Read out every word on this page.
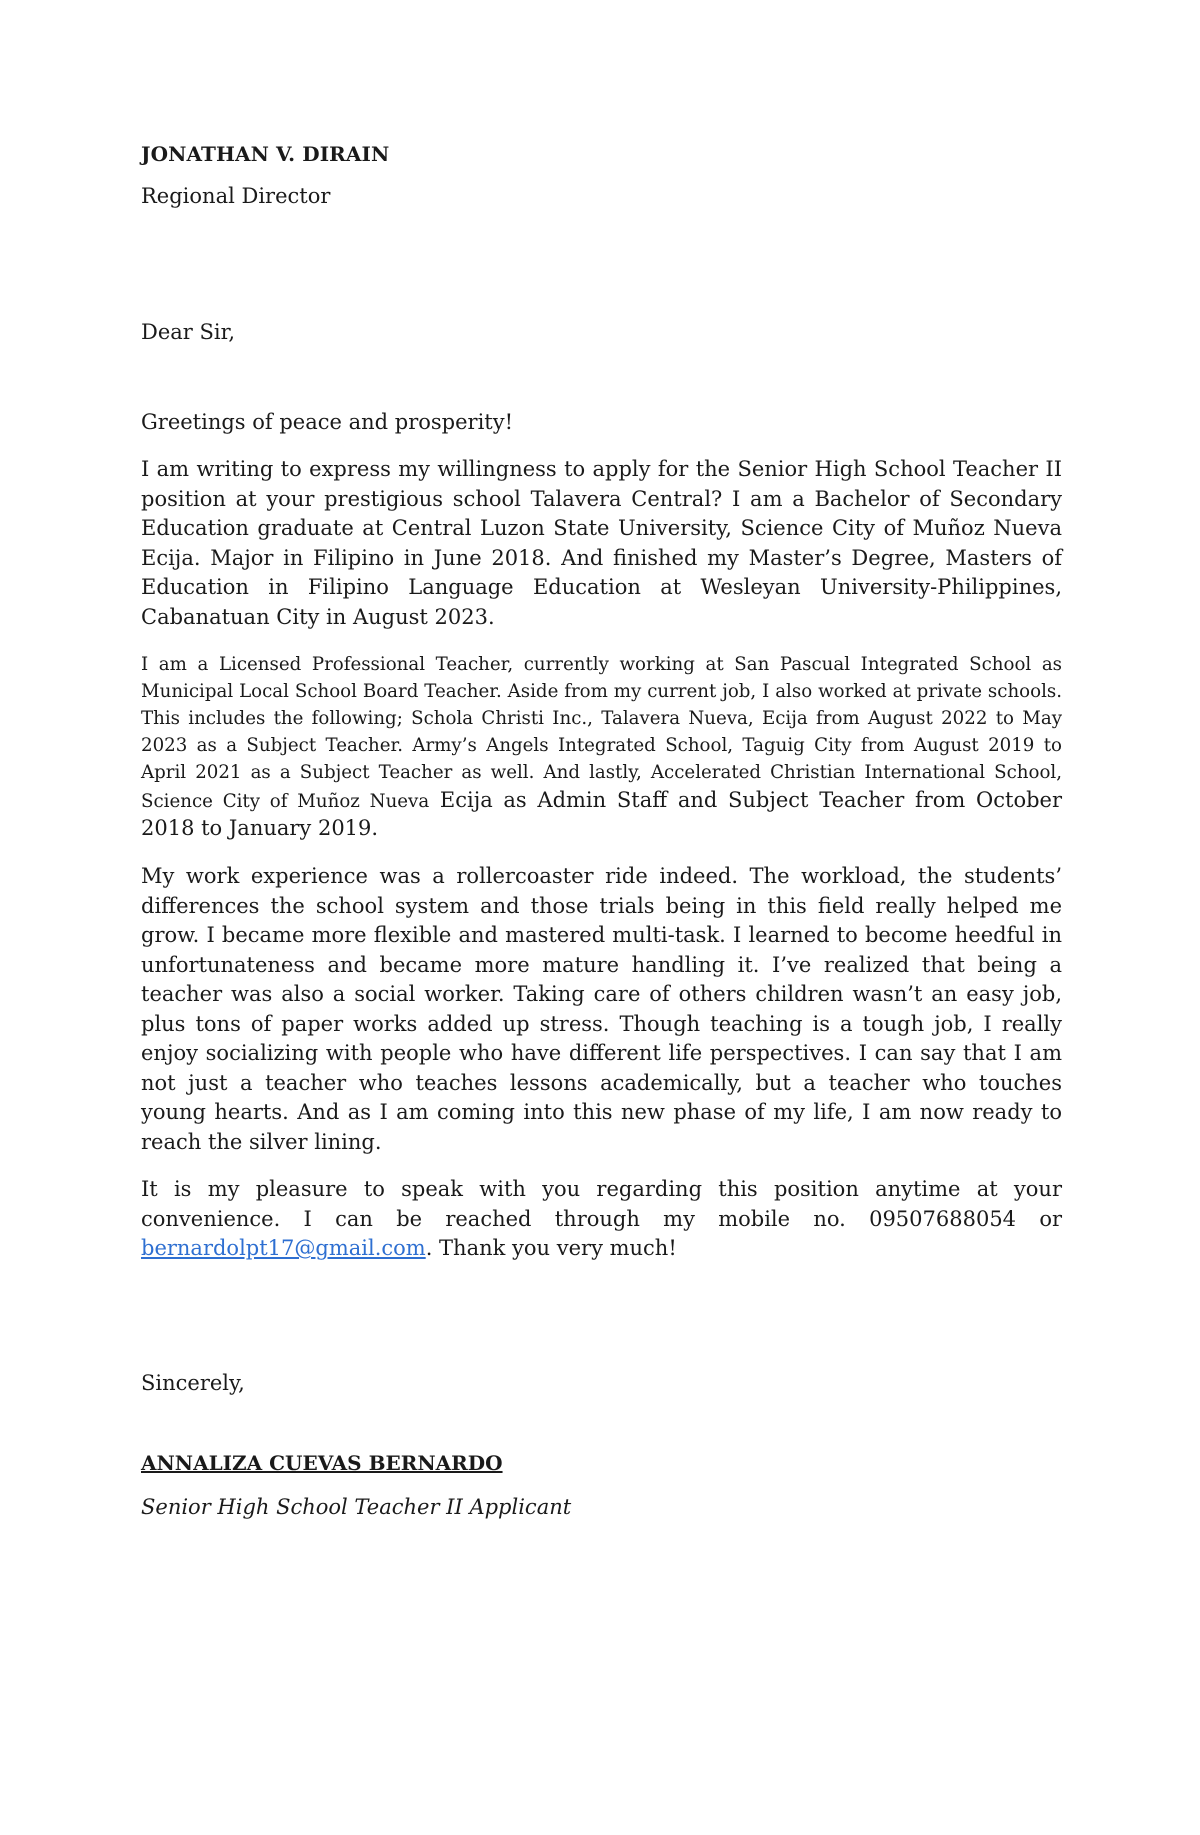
JONATHAN V. DIRAIN

Regional Director

Dear Sir,

Greetings of peace and prosperity!

I am writing to express my willingness to apply for the Senior High School Teacher II position at your prestigious school Talavera Central? I am a Bachelor of Secondary Education graduate at Central Luzon State University, Science City of Muñoz Nueva Ecija. Major in Filipino in June 2018. And finished my Master’s Degree, Masters of Education in Filipino Language Education at Wesleyan University-Philippines, Cabanatuan City in August 2023.

I am a Licensed Professional Teacher, currently working at San Pascual Integrated School as Municipal Local School Board Teacher. Aside from my current job, I also worked at private schools. This includes the following; Schola Christi Inc., Talavera Nueva, Ecija from August 2022 to May 2023 as a Subject Teacher. Army’s Angels Integrated School, Taguig City from August 2019 to April 2021 as a Subject Teacher as well. And lastly, Accelerated Christian International School, Science City of Muñoz Nueva Ecija as Admin Staff and Subject Teacher from October 2018 to January 2019.

My work experience was a rollercoaster ride indeed. The workload, the students’ differences the school system and those trials being in this field really helped me grow. I became more flexible and mastered multi-task. I learned to become heedful in unfortunateness and became more mature handling it. I’ve realized that being a teacher was also a social worker. Taking care of others children wasn’t an easy job, plus tons of paper works added up stress. Though teaching is a tough job, I really enjoy socializing with people who have different life perspectives. I can say that I am not just a teacher who teaches lessons academically, but a teacher who touches young hearts. And as I am coming into this new phase of my life, I am now ready to reach the silver lining.

It is my pleasure to speak with you regarding this position anytime at your convenience. I can be reached through my mobile no. 09507688054 or bernardolpt17@gmail.com. Thank you very much!

Sincerely,

ANNALIZA CUEVAS BERNARDO

Senior High School Teacher II Applicant
